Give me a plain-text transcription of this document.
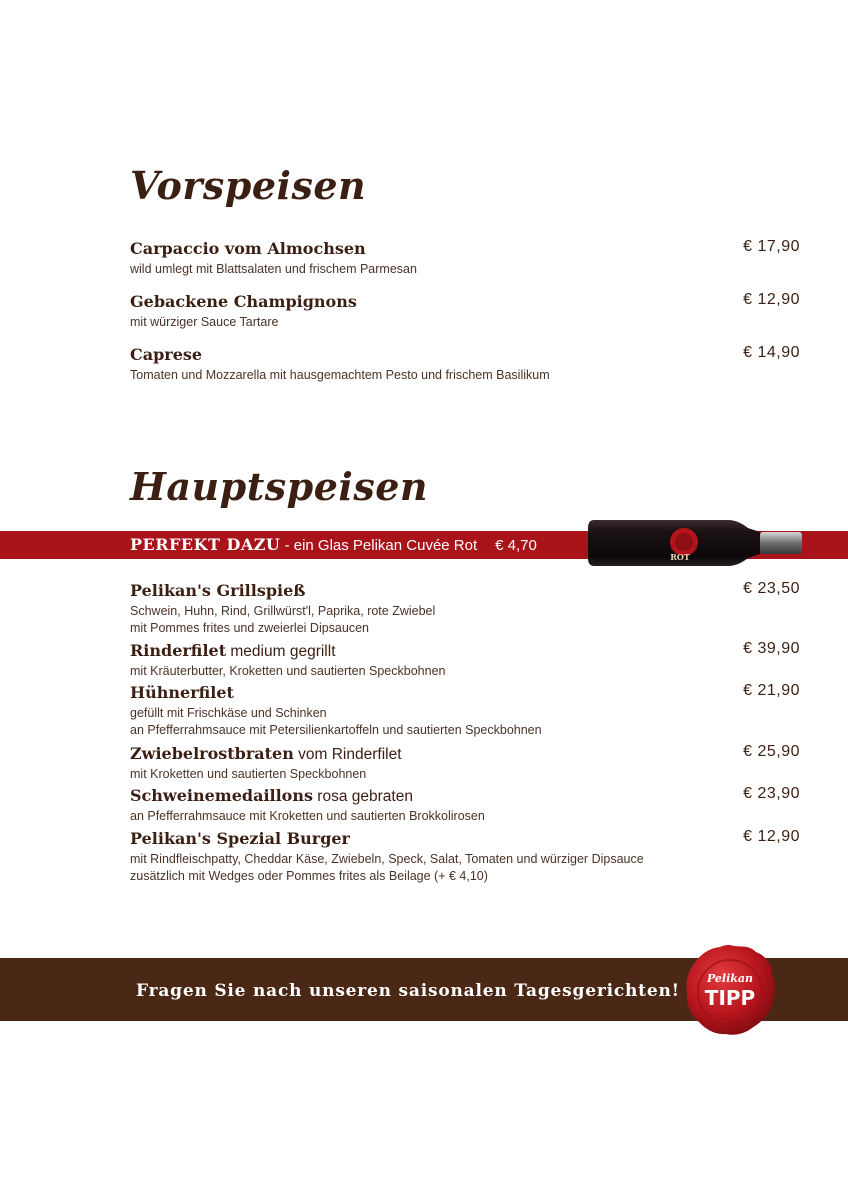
Vorspeisen
Carpaccio vom Almochsen
wild umlegt mit Blattsalaten und frischem Parmesan
€ 17,90
Gebackene Champignons
mit würziger Sauce Tartare
€ 12,90
Caprese
Tomaten und Mozzarella mit hausgemachtem Pesto und frischem Basilikum
€ 14,90
Hauptspeisen
PERFEKT DAZU - ein Glas Pelikan Cuvée Rot € 4,70
ROT
Pelikan's Grillspieß
Schwein, Huhn, Rind, Grillwürst'l, Paprika, rote Zwiebel
mit Pommes frites und zweierlei Dipsaucen
€ 23,50
Rinderfilet medium gegrillt
mit Kräuterbutter, Kroketten und sautierten Speckbohnen
€ 39,90
Hühnerfilet
gefüllt mit Frischkäse und Schinken
an Pfefferrahmsauce mit Petersilienkartoffeln und sautierten Speckbohnen
€ 21,90
Zwiebelrostbraten vom Rinderfilet
mit Kroketten und sautierten Speckbohnen
€ 25,90
Schweinemedaillons rosa gebraten
an Pfefferrahmsauce mit Kroketten und sautierten Brokkolirosen
€ 23,90
Pelikan's Spezial Burger
mit Rindfleischpatty, Cheddar Käse, Zwiebeln, Speck, Salat, Tomaten und würziger Dipsauce
zusätzlich mit Wedges oder Pommes frites als Beilage (+ € 4,10)
€ 12,90
Fragen Sie nach unseren saisonalen Tagesgerichten!
Pelikan
TIPP
